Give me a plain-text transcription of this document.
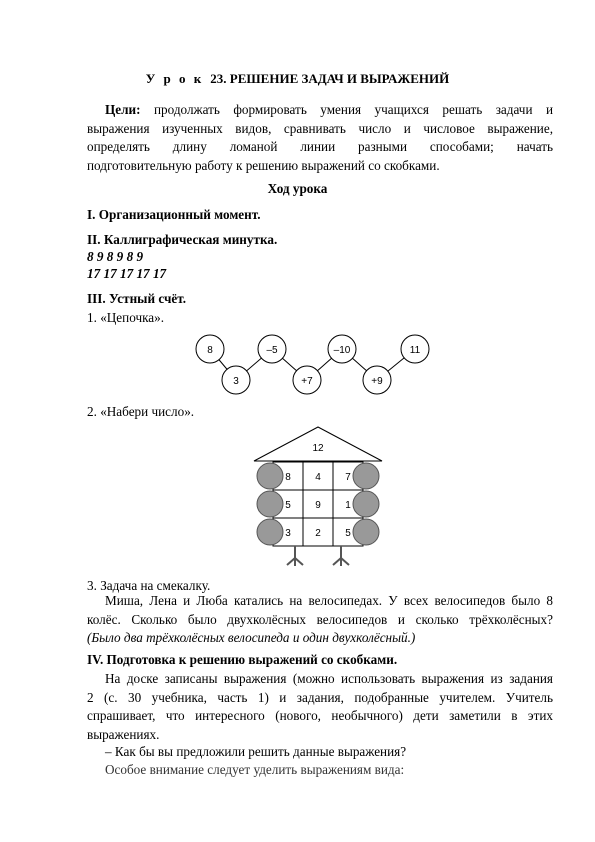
У р о к 23. РЕШЕНИЕ ЗАДАЧ И ВЫРАЖЕНИЙ
Цели: продолжать формировать умения учащихся решать задачи и
выражения изученных видов, сравнивать число и числовое выражение,
определять длину ломаной линии разными способами; начать
подготовительную работу к решению выражений со скобками.
Ход урока
I. Организационный момент.
II. Каллиграфическая минутка.
8 9 8 9 8 9
17 17 17 17 17
III. Устный счёт.
1. «Цепочка».
8	–5	–10	11
3	+7	+9
2. «Набери число».
12
8 4 7
5 9 1
3 2 5
3. Задача на смекалку.
Миша, Лена и Люба катались на велосипедах. У всех велосипедов было 8
колёс. Сколько было двухколёсных велосипедов и сколько трёхколёсных?
(Было два трёхколёсных велосипеда и один двухколёсный.)
IV. Подготовка к решению выражений со скобками.
На доске записаны выражения (можно использовать выражения из задания
2 (с. 30 учебника, часть 1) и задания, подобранные учителем. Учитель
спрашивает, что интересного (нового, необычного) дети заметили в этих
выражениях.
– Как бы вы предложили решить данные выражения?
Особое внимание следует уделить выражениям вида:
